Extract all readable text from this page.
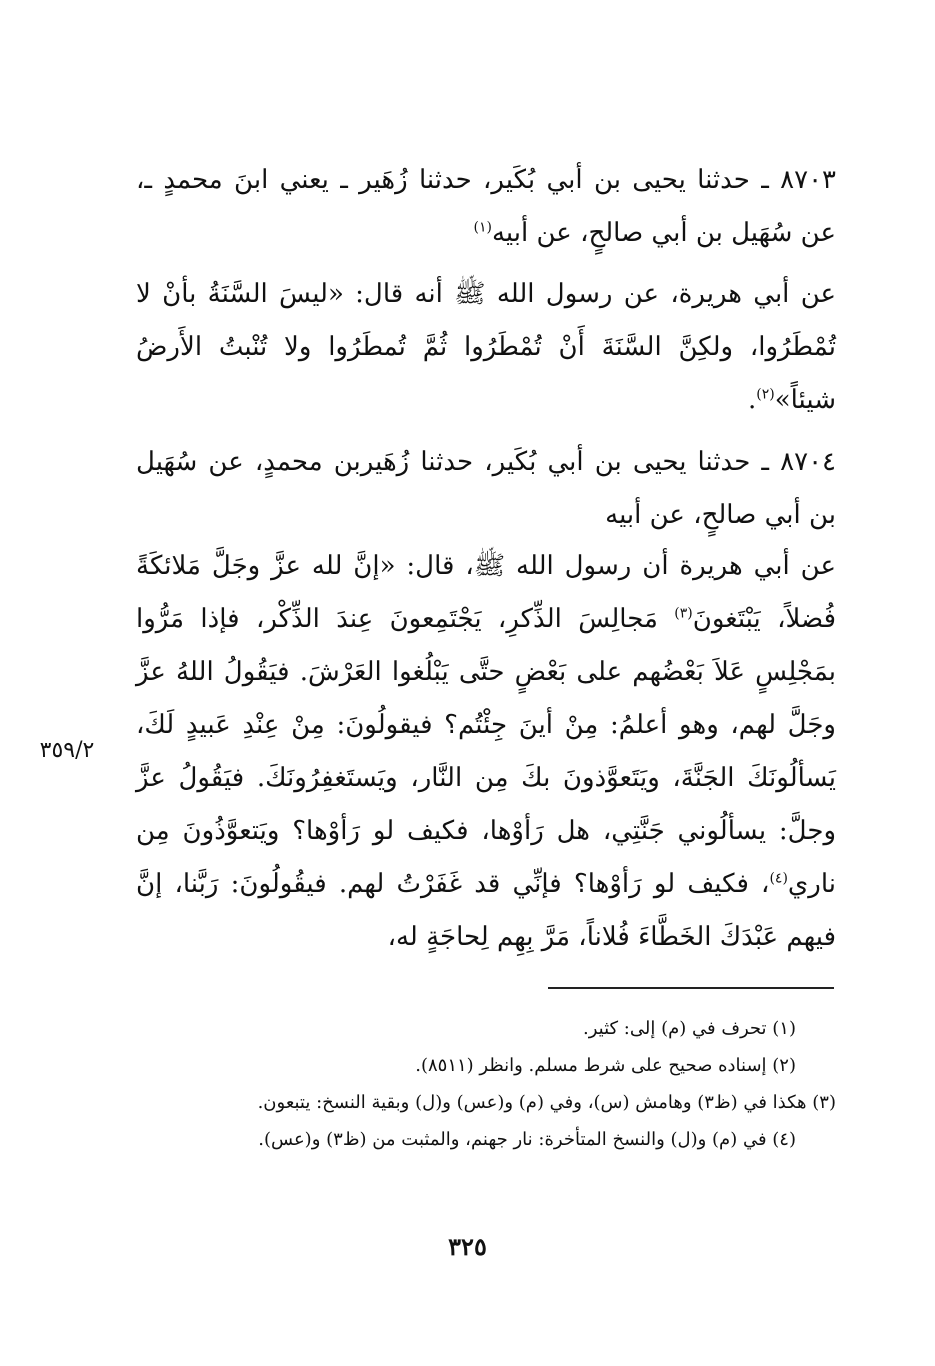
٨٧٠٣ ـ حدثنا يحيى بن أبي بُكَير، حدثنا زُهَير ـ يعني ابنَ محمدٍ ـ، عن سُهَيل بن أبي صالحٍ، عن أبيه$^{(١)}$

عن أبي هريرة، عن رسول الله ﷺ أنه قال: «ليسَ السَّنَةُ بأنْ لا تُمْطَرُوا، ولكِنَّ السَّنَةَ أَنْ تُمْطَرُوا ثُمَّ تُمطَرُوا ولا تُنْبتُ الأَرضُ شيئاً»$^{(٢)}$.

٨٧٠٤ ـ حدثنا يحيى بن أبي بُكَير، حدثنا زُهَيربن محمدٍ، عن سُهَيل بن أبي صالحٍ، عن أبيه

عن أبي هريرة أن رسول الله ﷺ، قال: «إنَّ لله عزَّ وجَلَّ مَلائكَةً فُضلاً، يَبْتَغونَ$^{(٣)}$ مَجالِسَ الذِّكرِ، يَجْتَمِعونَ عِندَ الذِّكْر، فإذا مَرُّوا بمَجْلِسٍ عَلاَ بَعْضُهم على بَعْضٍ حتَّى يَبْلُغوا العَرْشَ. فيَقُولُ اللهُ عزَّ وجَلَّ لهم، وهو أعلمُ: مِنْ أينَ جِئْتُم؟ فيقولُونَ: مِنْ عِنْدِ عَبيدٍ لَكَ، يَسألُونَكَ الجَنَّةَ، ويَتَعوَّذونَ بكَ مِن النَّار، ويَستَغفِرُونَكَ. فيَقُولُ عزَّ وجلَّ: يسألُوني جَنَّتِي، هل رَأوْها، فكيف لو رَأوْها؟ ويَتعوَّذُونَ مِن ناري$^{(٤)}$، فكيف لو رَأوْها؟ فإنِّي قد غَفَرْتُ لهم. فيقُولُونَ: رَبَّنا، إنَّ فيهم عَبْدَكَ الخَطَّاءَ فُلاناً، مَرَّ بِهِم لِحاجَةٍ له،

٣٥٩/٢

(١) تحرف في (م) إلى: كثير.

(٢) إسناده صحيح على شرط مسلم. وانظر (٨٥١١).

(٣) هكذا في (ظ٣) وهامش (س)، وفي (م) و(عس) و(ل) وبقية النسخ: يتبعون.

(٤) في (م) و(ل) والنسخ المتأخرة: نار جهنم، والمثبت من (ظ٣) و(عس).

٣٢٥
